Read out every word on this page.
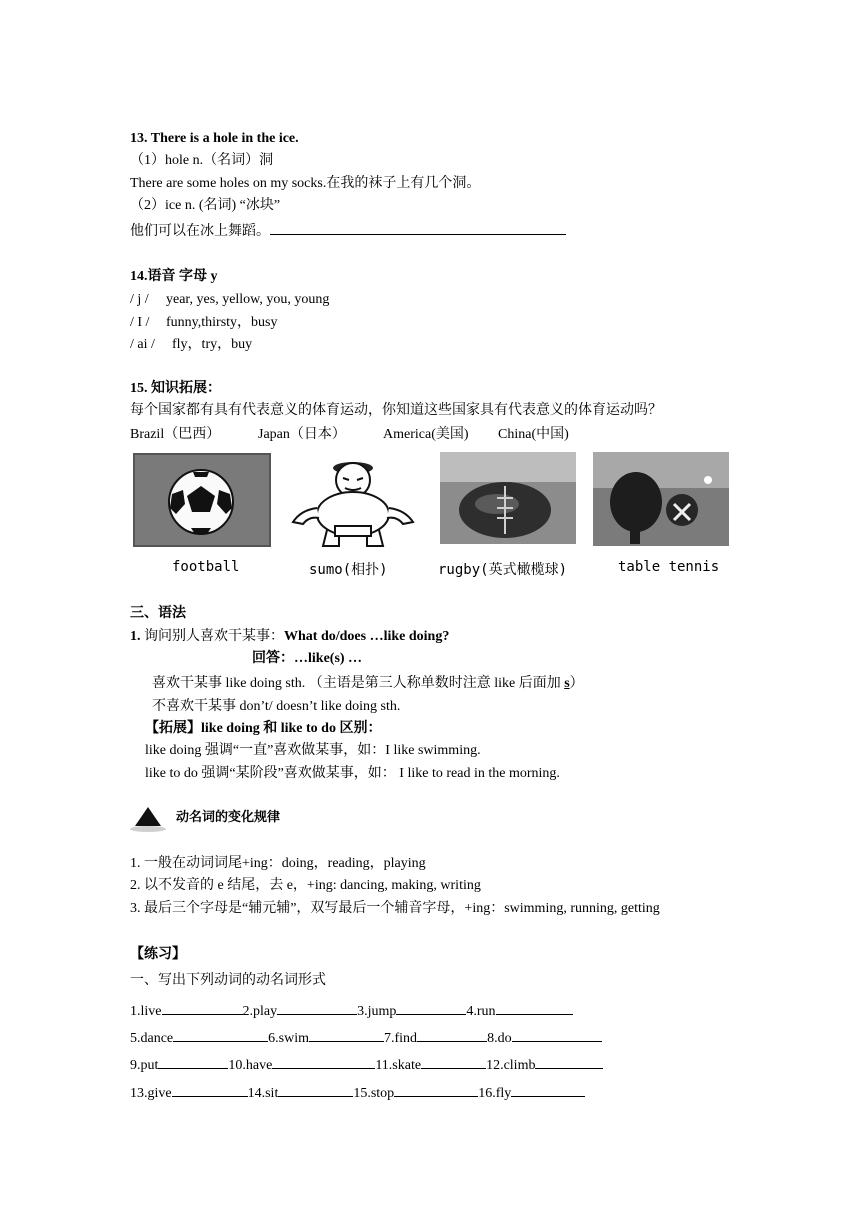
13. There is a hole in the ice.
（1）hole n.（名词）洞
There are some holes on my socks.在我的袜子上有几个洞。
（2）ice n. (名词) “冰块”
他们可以在冰上舞蹈。
14.语音 字母 y
/ j / year, yes, yellow, you, young
/ I / funny,thirsty，busy
/ ai / fly，try，buy
15. 知识拓展：
每个国家都有具有代表意义的体育运动，你知道这些国家具有代表意义的体育运动吗？
Brazil（巴西）	Japan（日本）	America(美国) China(中国)
football	sumo(相扑)	rugby(英式橄榄球)	table tennis
三、语法
1. 询问别人喜欢干某事：What do/does …like doing?
回答：…like(s) …
喜欢干某事 like doing sth. （主语是第三人称单数时注意 like 后面加 s）
不喜欢干某事 don’t/ doesn’t like doing sth.
【拓展】like doing 和 like to do 区别：
like doing 强调“一直”喜欢做某事，如：I like swimming.
like to do 强调“某阶段”喜欢做某事，如： I like to read in the morning.
动名词的变化规律
1. 一般在动词词尾+ing：doing，reading，playing
2. 以不发音的 e 结尾，去 e，+ing: dancing, making, writing
3. 最后三个字母是“辅元辅”，双写最后一个辅音字母，+ing：swimming, running, getting
【练习】
一、写出下列动词的动名词形式
1.live	2.play	3.jump	4.run
5.dance	6.swim	7.find	8.do
9.put	10.have	11.skate	12.climb
13.give	14.sit	15.stop	16.fly
